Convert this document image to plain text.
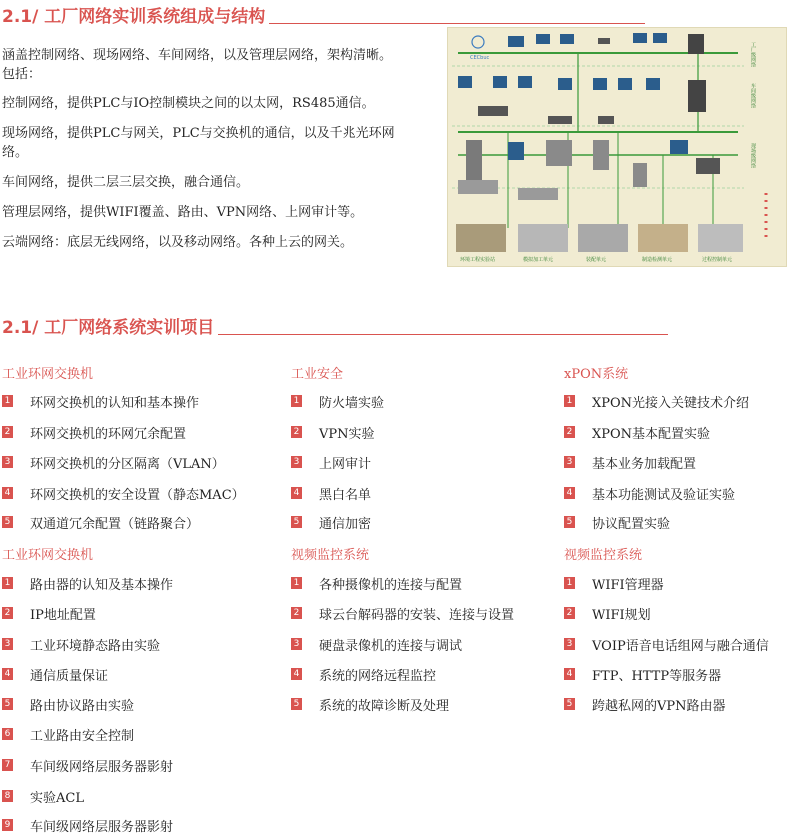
2.1/ 工厂网络实训系统组成与结构
涵盖控制网络、现场网络、车间网络，以及管理层网络，架构清晰。包括：
控制网络，提供PLC与IO控制模块之间的以太网，RS485通信。
现场网络，提供PLC与网关，PLC与交换机的通信，以及千兆光环网络。
车间网络，提供二层三层交换，融合通信。
管理层网络，提供WIFI覆盖、路由、VPN网络、上网审计等。
云端网络：底层无线网络，以及移动网络。各种上云的网关。
CECbuc
环境工程实验站	模拟加工单元	装配单元	制造检测单元	过程控制单元
工厂级网络
车间级网络
现场级网络
2.1/ 工厂网络系统实训项目
工业环网交换机
1 环网交换机的认知和基本操作
2 环网交换机的环网冗余配置
3 环网交换机的分区隔离（VLAN）
4 环网交换机的安全设置（静态MAC）
5 双通道冗余配置（链路聚合）
工业环网交换机
1 路由器的认知及基本操作
2 IP地址配置
3 工业环境静态路由实验
4 通信质量保证
5 路由协议路由实验
6 工业路由安全控制
7 车间级网络层服务器影射
8 实验ACL
9 车间级网络层服务器影射
工业安全
1 防火墙实验
2 VPN实验
3 上网审计
4 黑白名单
5 通信加密
视频监控系统
1 各种摄像机的连接与配置
2 球云台解码器的安装、连接与设置
3 硬盘录像机的连接与调试
4 系统的网络远程监控
5 系统的故障诊断及处理
xPON系统
1 XPON光接入关键技术介绍
2 XPON基本配置实验
3 基本业务加载配置
4 基本功能测试及验证实验
5 协议配置实验
视频监控系统
1 WIFI管理器
2 WIFI规划
3 VOIP语音电话组网与融合通信
4 FTP、HTTP等服务器
5 跨越私网的VPN路由器
